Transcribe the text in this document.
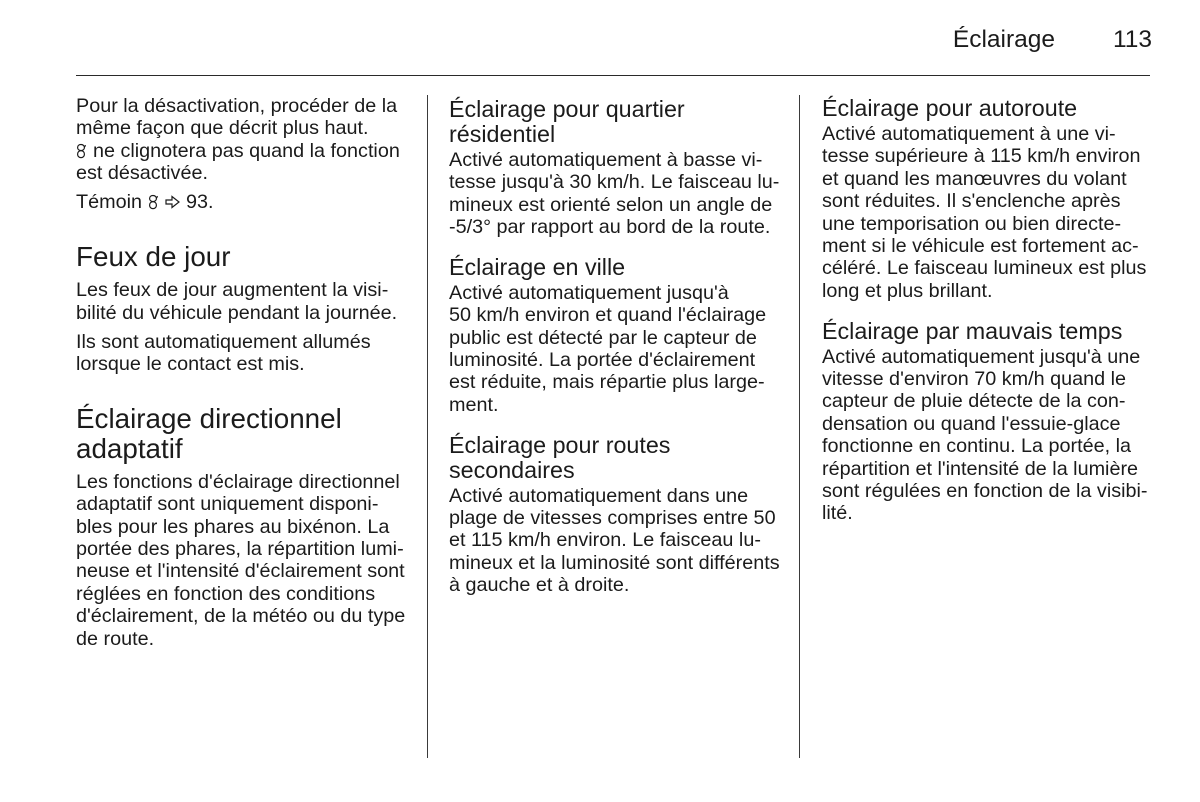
Éclairage 113
Pour la désactivation, procéder de la
même façon que décrit plus haut.
ne clignotera pas quand la fonction
est désactivée.
Témoin 93.
Feux de jour
Les feux de jour augmentent la visi-
bilité du véhicule pendant la journée.
Ils sont automatiquement allumés
lorsque le contact est mis.
Éclairage directionnel
adaptatif
Les fonctions d'éclairage directionnel
adaptatif sont uniquement disponi-
bles pour les phares au bixénon. La
portée des phares, la répartition lumi-
neuse et l'intensité d'éclairement sont
réglées en fonction des conditions
d'éclairement, de la météo ou du type
de route.
Éclairage pour quartier
résidentiel
Activé automatiquement à basse vi-
tesse jusqu'à 30 km/h. Le faisceau lu-
mineux est orienté selon un angle de
-5/3° par rapport au bord de la route.
Éclairage en ville
Activé automatiquement jusqu'à
50 km/h environ et quand l'éclairage
public est détecté par le capteur de
luminosité. La portée d'éclairement
est réduite, mais répartie plus large-
ment.
Éclairage pour routes
secondaires
Activé automatiquement dans une
plage de vitesses comprises entre 50
et 115 km/h environ. Le faisceau lu-
mineux et la luminosité sont différents
à gauche et à droite.
Éclairage pour autoroute
Activé automatiquement à une vi-
tesse supérieure à 115 km/h environ
et quand les manœuvres du volant
sont réduites. Il s'enclenche après
une temporisation ou bien directe-
ment si le véhicule est fortement ac-
céléré. Le faisceau lumineux est plus
long et plus brillant.
Éclairage par mauvais temps
Activé automatiquement jusqu'à une
vitesse d'environ 70 km/h quand le
capteur de pluie détecte de la con-
densation ou quand l'essuie-glace
fonctionne en continu. La portée, la
répartition et l'intensité de la lumière
sont régulées en fonction de la visibi-
lité.
